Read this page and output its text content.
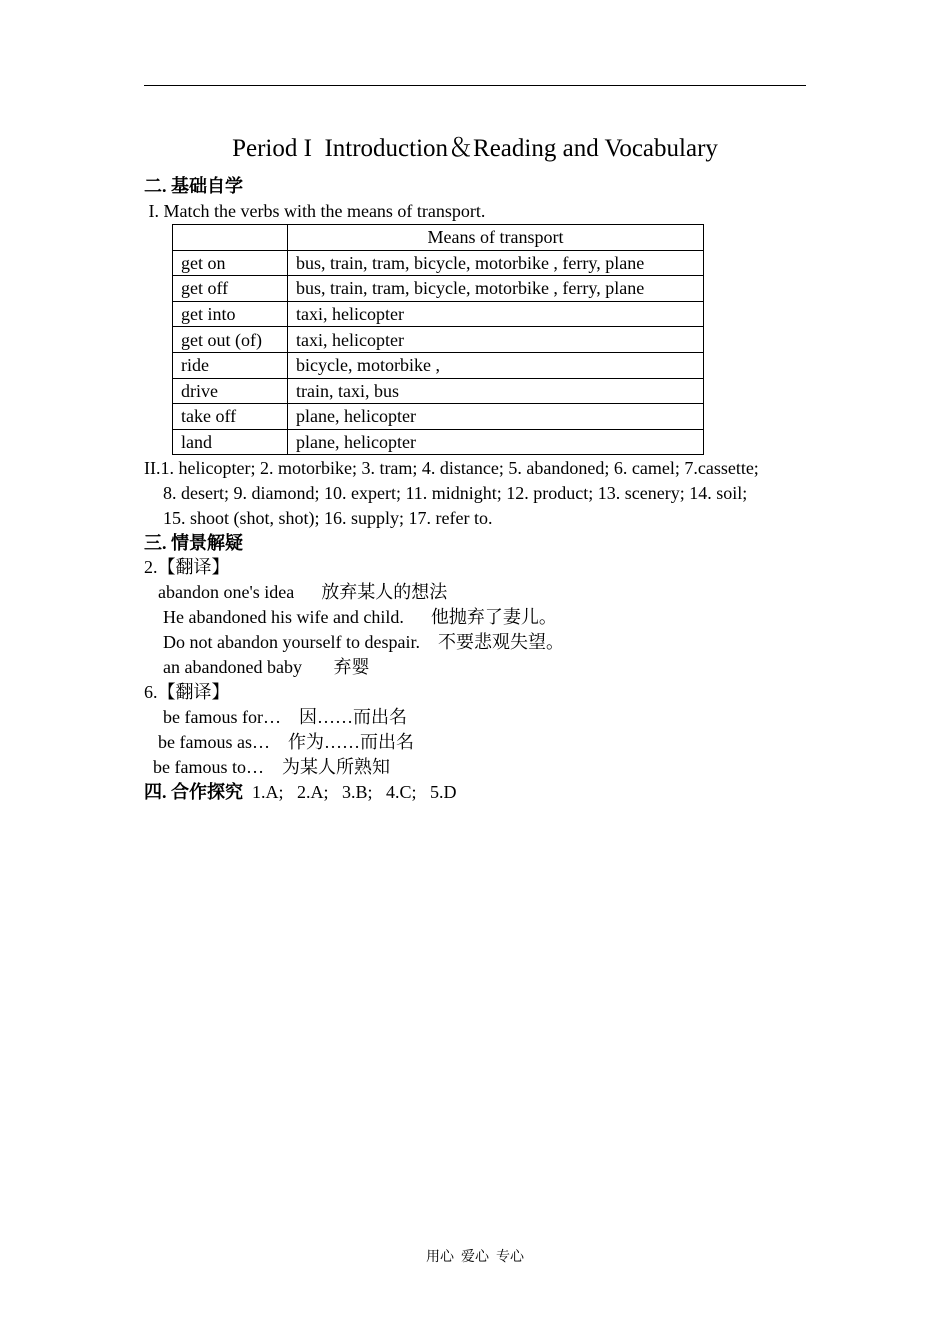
Period I  Introduction＆Reading and Vocabulary
二. 基础自学
I. Match the verbs with the means of transport.
	Means of transport
get on	bus, train, tram, bicycle, motorbike , ferry, plane
get off	bus, train, tram, bicycle, motorbike , ferry, plane
get into	taxi, helicopter
get out (of)	taxi, helicopter
ride	bicycle, motorbike ,
drive	train, taxi, bus
take off	plane, helicopter
land	plane, helicopter
II.1. helicopter; 2. motorbike; 3. tram; 4. distance; 5. abandoned; 6. camel; 7.cassette;
8. desert; 9. diamond; 10. expert; 11. midnight; 12. product; 13. scenery; 14. soil;
15. shoot (shot, shot); 16. supply; 17. refer to.
三. 情景解疑
2.【翻译】
abandon one's idea      放弃某人的想法
He abandoned his wife and child.      他抛弃了妻儿。
Do not abandon yourself to despair.    不要悲观失望。
an abandoned baby       弃婴
6.【翻译】
be famous for…    因……而出名
be famous as…    作为……而出名
be famous to…    为某人所熟知
四. 合作探究  1.A;   2.A;   3.B;   4.C;   5.D
用心  爱心  专心
